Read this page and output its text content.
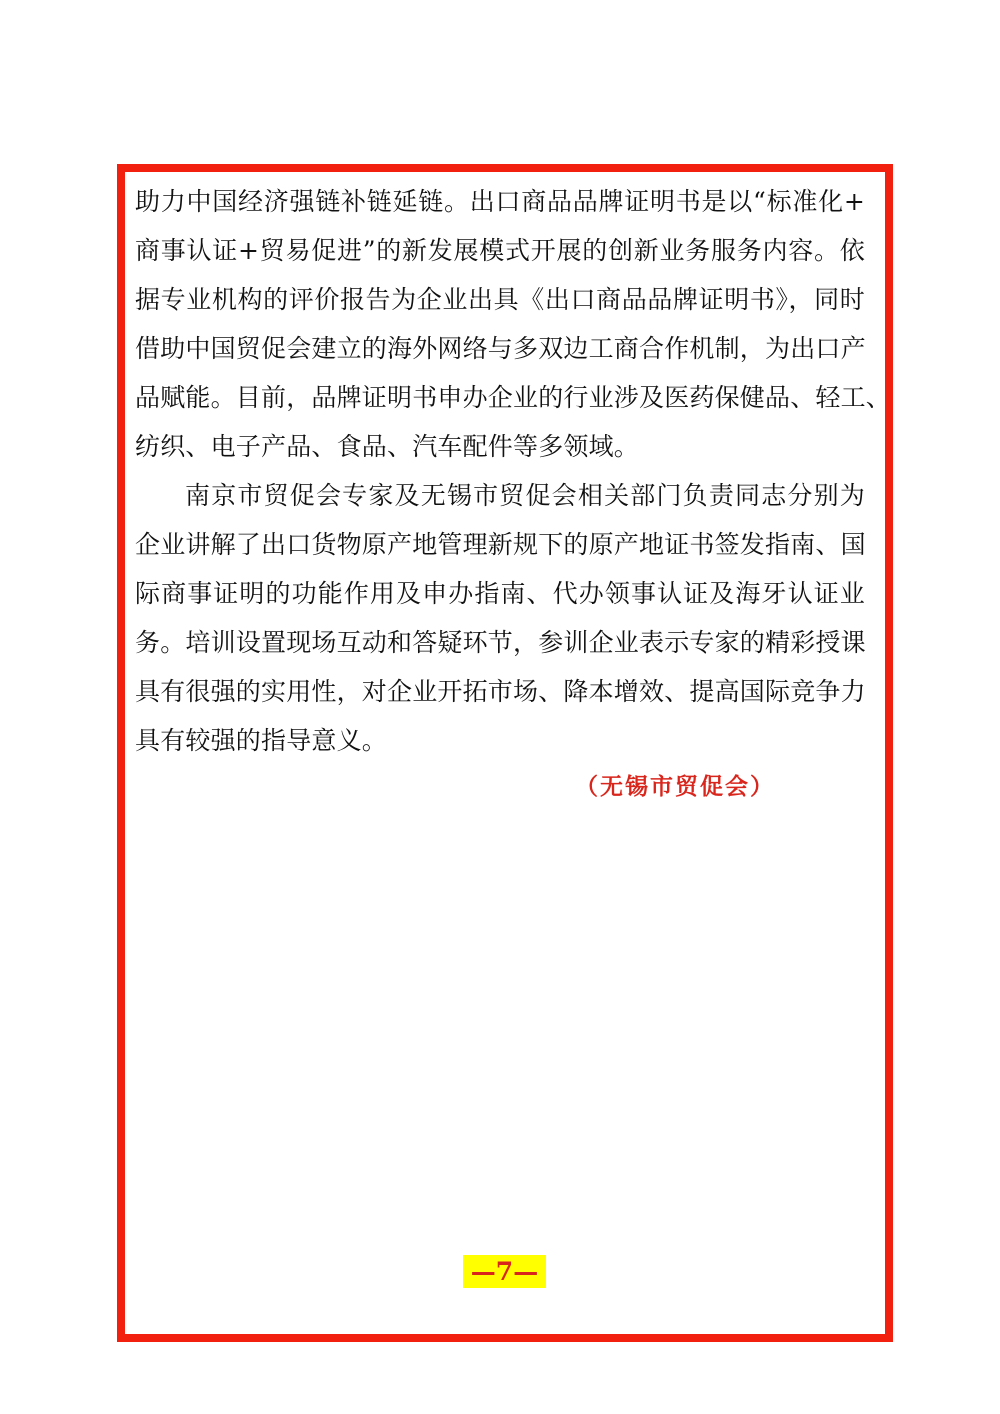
助力中国经济强链补链延链。出口商品品牌证明书是以“标准化+
商事认证+贸易促进”的新发展模式开展的创新业务服务内容。依
据专业机构的评价报告为企业出具《出口商品品牌证明书》，同时
借助中国贸促会建立的海外网络与多双边工商合作机制，为出口产
品赋能。目前，品牌证明书申办企业的行业涉及医药保健品、轻工、
纺织、电子产品、食品、汽车配件等多领域。
南京市贸促会专家及无锡市贸促会相关部门负责同志分别为
企业讲解了出口货物原产地管理新规下的原产地证书签发指南、国
际商事证明的功能作用及申办指南、代办领事认证及海牙认证业
务。培训设置现场互动和答疑环节，参训企业表示专家的精彩授课
具有很强的实用性，对企业开拓市场、降本增效、提高国际竞争力
具有较强的指导意义。
（无锡市贸促会）
—7—
